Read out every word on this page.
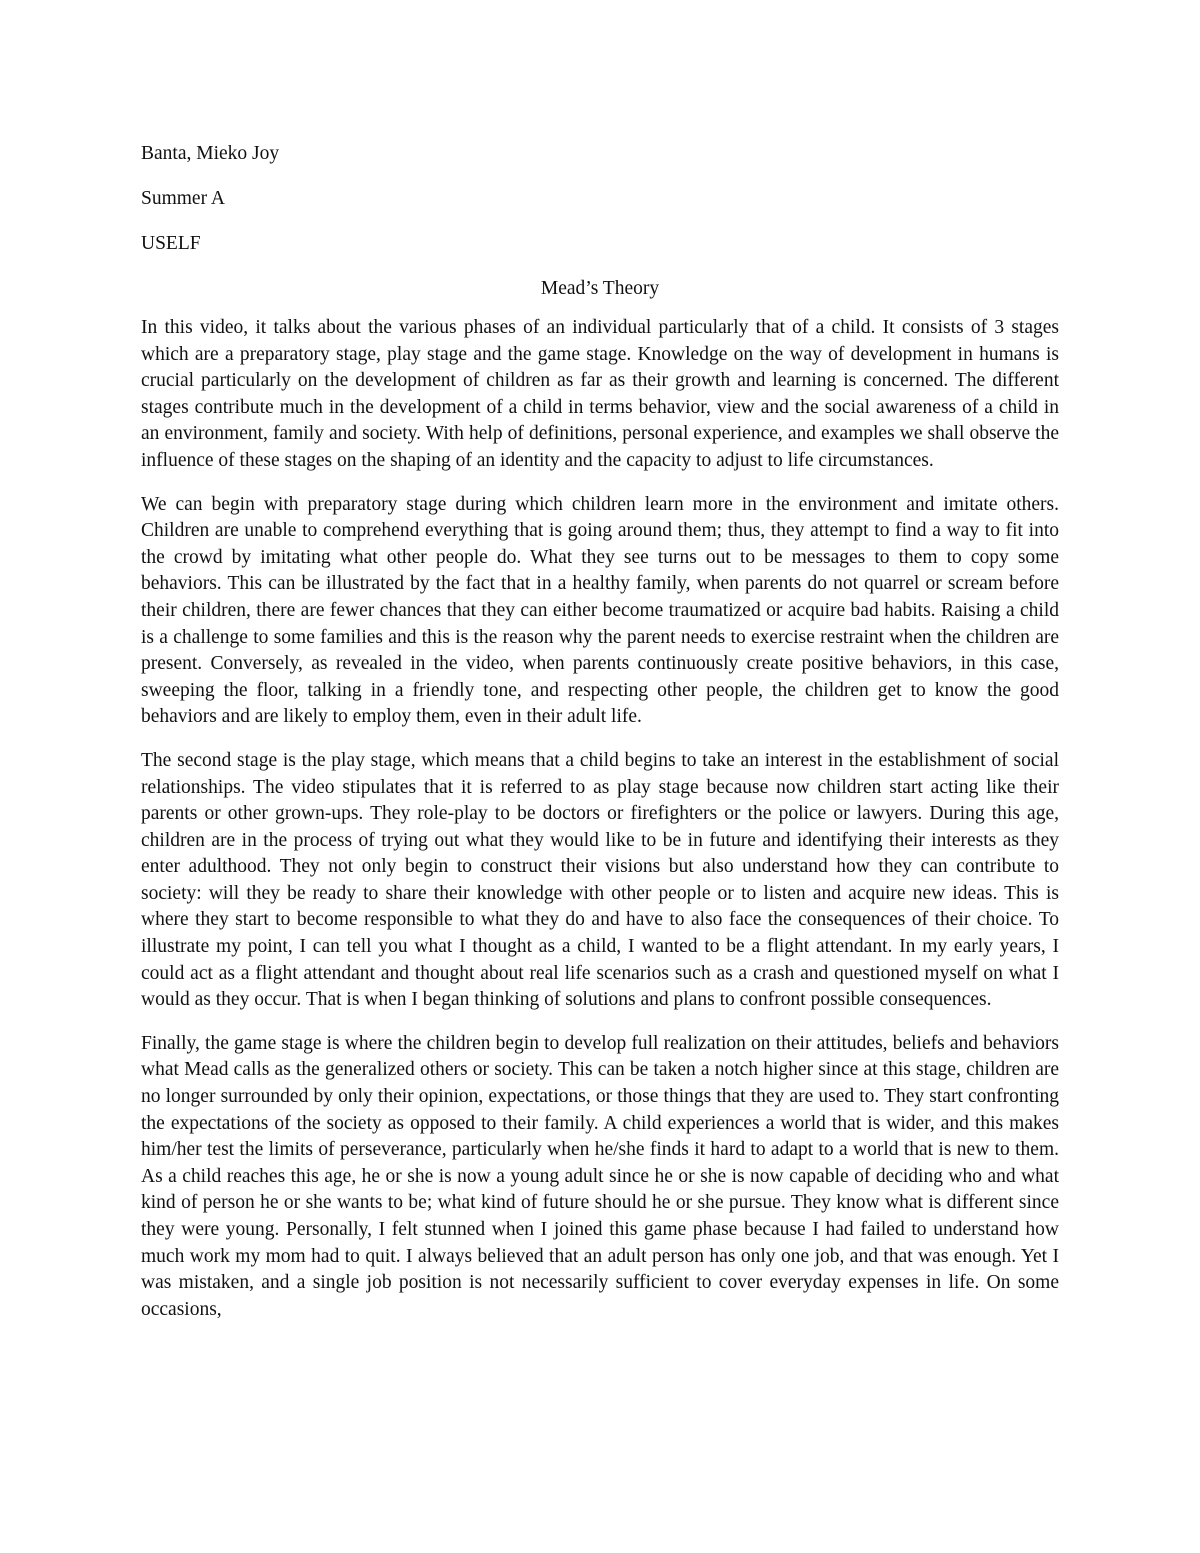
Banta, Mieko Joy

Summer A

USELF

Mead’s Theory

In this video, it talks about the various phases of an individual particularly that of a child. It consists of 3 stages which are a preparatory stage, play stage and the game stage. Knowledge on the way of development in humans is crucial particularly on the development of children as far as their growth and learning is concerned. The different stages contribute much in the development of a child in terms behavior, view and the social awareness of a child in an environment, family and society. With help of definitions, personal experience, and examples we shall observe the influence of these stages on the shaping of an identity and the capacity to adjust to life circumstances.

We can begin with preparatory stage during which children learn more in the environment and imitate others. Children are unable to comprehend everything that is going around them; thus, they attempt to find a way to fit into the crowd by imitating what other people do. What they see turns out to be messages to them to copy some behaviors. This can be illustrated by the fact that in a healthy family, when parents do not quarrel or scream before their children, there are fewer chances that they can either become traumatized or acquire bad habits. Raising a child is a challenge to some families and this is the reason why the parent needs to exercise restraint when the children are present. Conversely, as revealed in the video, when parents continuously create positive behaviors, in this case, sweeping the floor, talking in a friendly tone, and respecting other people, the children get to know the good behaviors and are likely to employ them, even in their adult life.

The second stage is the play stage, which means that a child begins to take an interest in the establishment of social relationships. The video stipulates that it is referred to as play stage because now children start acting like their parents or other grown-ups. They role-play to be doctors or firefighters or the police or lawyers. During this age, children are in the process of trying out what they would like to be in future and identifying their interests as they enter adulthood. They not only begin to construct their visions but also understand how they can contribute to society: will they be ready to share their knowledge with other people or to listen and acquire new ideas. This is where they start to become responsible to what they do and have to also face the consequences of their choice. To illustrate my point, I can tell you what I thought as a child, I wanted to be a flight attendant. In my early years, I could act as a flight attendant and thought about real life scenarios such as a crash and questioned myself on what I would as they occur. That is when I began thinking of solutions and plans to confront possible consequences.

Finally, the game stage is where the children begin to develop full realization on their attitudes, beliefs and behaviors what Mead calls as the generalized others or society. This can be taken a notch higher since at this stage, children are no longer surrounded by only their opinion, expectations, or those things that they are used to. They start confronting the expectations of the society as opposed to their family. A child experiences a world that is wider, and this makes him/her test the limits of perseverance, particularly when he/she finds it hard to adapt to a world that is new to them. As a child reaches this age, he or she is now a young adult since he or she is now capable of deciding who and what kind of person he or she wants to be; what kind of future should he or she pursue. They know what is different since they were young. Personally, I felt stunned when I joined this game phase because I had failed to understand how much work my mom had to quit. I always believed that an adult person has only one job, and that was enough. Yet I was mistaken, and a single job position is not necessarily sufficient to cover everyday expenses in life. On some occasions,
